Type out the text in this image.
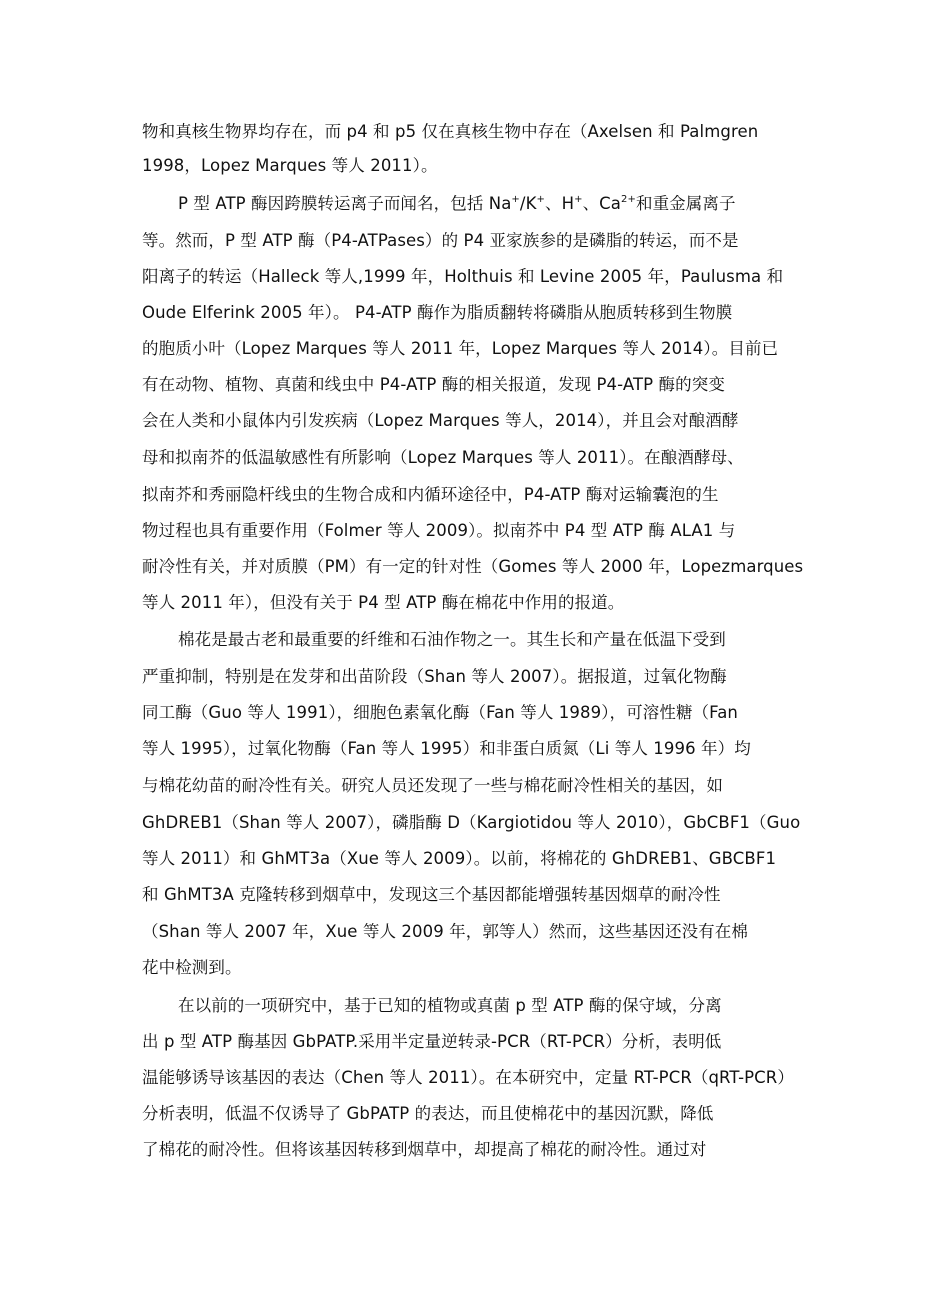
物和真核生物界均存在，而 p4 和 p5 仅在真核生物中存在（Axelsen 和 Palmgren

1998，Lopez Marques 等人 2011）。

P 型 ATP 酶因跨膜转运离子而闻名，包括 Na+/K+、H+、$Ca^{2+}$和重金属离子

等。然而，P 型 ATP 酶（P4-ATPases）的 P4 亚家族参的是磷脂的转运，而不是

阳离子的转运（Halleck 等人,1999 年，Holthuis 和 Levine 2005 年，Paulusma 和

Oude Elferink 2005 年）。 P4-ATP 酶作为脂质翻转将磷脂从胞质转移到生物膜

的胞质小叶（Lopez Marques 等人 2011 年，Lopez Marques 等人 2014）。目前已

有在动物、植物、真菌和线虫中 P4-ATP 酶的相关报道，发现 P4-ATP 酶的突变

会在人类和小鼠体内引发疾病（Lopez Marques 等人，2014），并且会对酿酒酵

母和拟南芥的低温敏感性有所影响（Lopez Marques 等人 2011）。在酿酒酵母、

拟南芥和秀丽隐杆线虫的生物合成和内循环途径中，P4-ATP 酶对运输囊泡的生

物过程也具有重要作用（Folmer 等人 2009）。拟南芥中 P4 型 ATP 酶 ALA1 与

耐冷性有关，并对质膜（PM）有一定的针对性（Gomes 等人 2000 年，Lopezmarques

等人 2011 年），但没有关于 P4 型 ATP 酶在棉花中作用的报道。

棉花是最古老和最重要的纤维和石油作物之一。其生长和产量在低温下受到

严重抑制，特别是在发芽和出苗阶段（Shan 等人 2007）。据报道，过氧化物酶

同工酶（Guo 等人 1991），细胞色素氧化酶（Fan 等人 1989），可溶性糖（Fan

等人 1995），过氧化物酶（Fan 等人 1995）和非蛋白质氮（Li 等人 1996 年）均

与棉花幼苗的耐冷性有关。研究人员还发现了一些与棉花耐冷性相关的基因，如

GhDREB1（Shan 等人 2007），磷脂酶 D（Kargiotidou 等人 2010），GbCBF1（Guo

等人 2011）和 GhMT3a（Xue 等人 2009）。以前，将棉花的 GhDREB1、GBCBF1

和 GhMT3A 克隆转移到烟草中，发现这三个基因都能增强转基因烟草的耐冷性

（Shan 等人 2007 年，Xue 等人 2009 年，郭等人）然而，这些基因还没有在棉

花中检测到。

在以前的一项研究中，基于已知的植物或真菌 p 型 ATP 酶的保守域，分离

出 p 型 ATP 酶基因 GbPATP.采用半定量逆转录-PCR（RT-PCR）分析，表明低

温能够诱导该基因的表达（Chen 等人 2011）。在本研究中，定量 RT-PCR（qRT-PCR）

分析表明，低温不仅诱导了 GbPATP 的表达，而且使棉花中的基因沉默，降低

了棉花的耐冷性。但将该基因转移到烟草中，却提高了棉花的耐冷性。通过对
